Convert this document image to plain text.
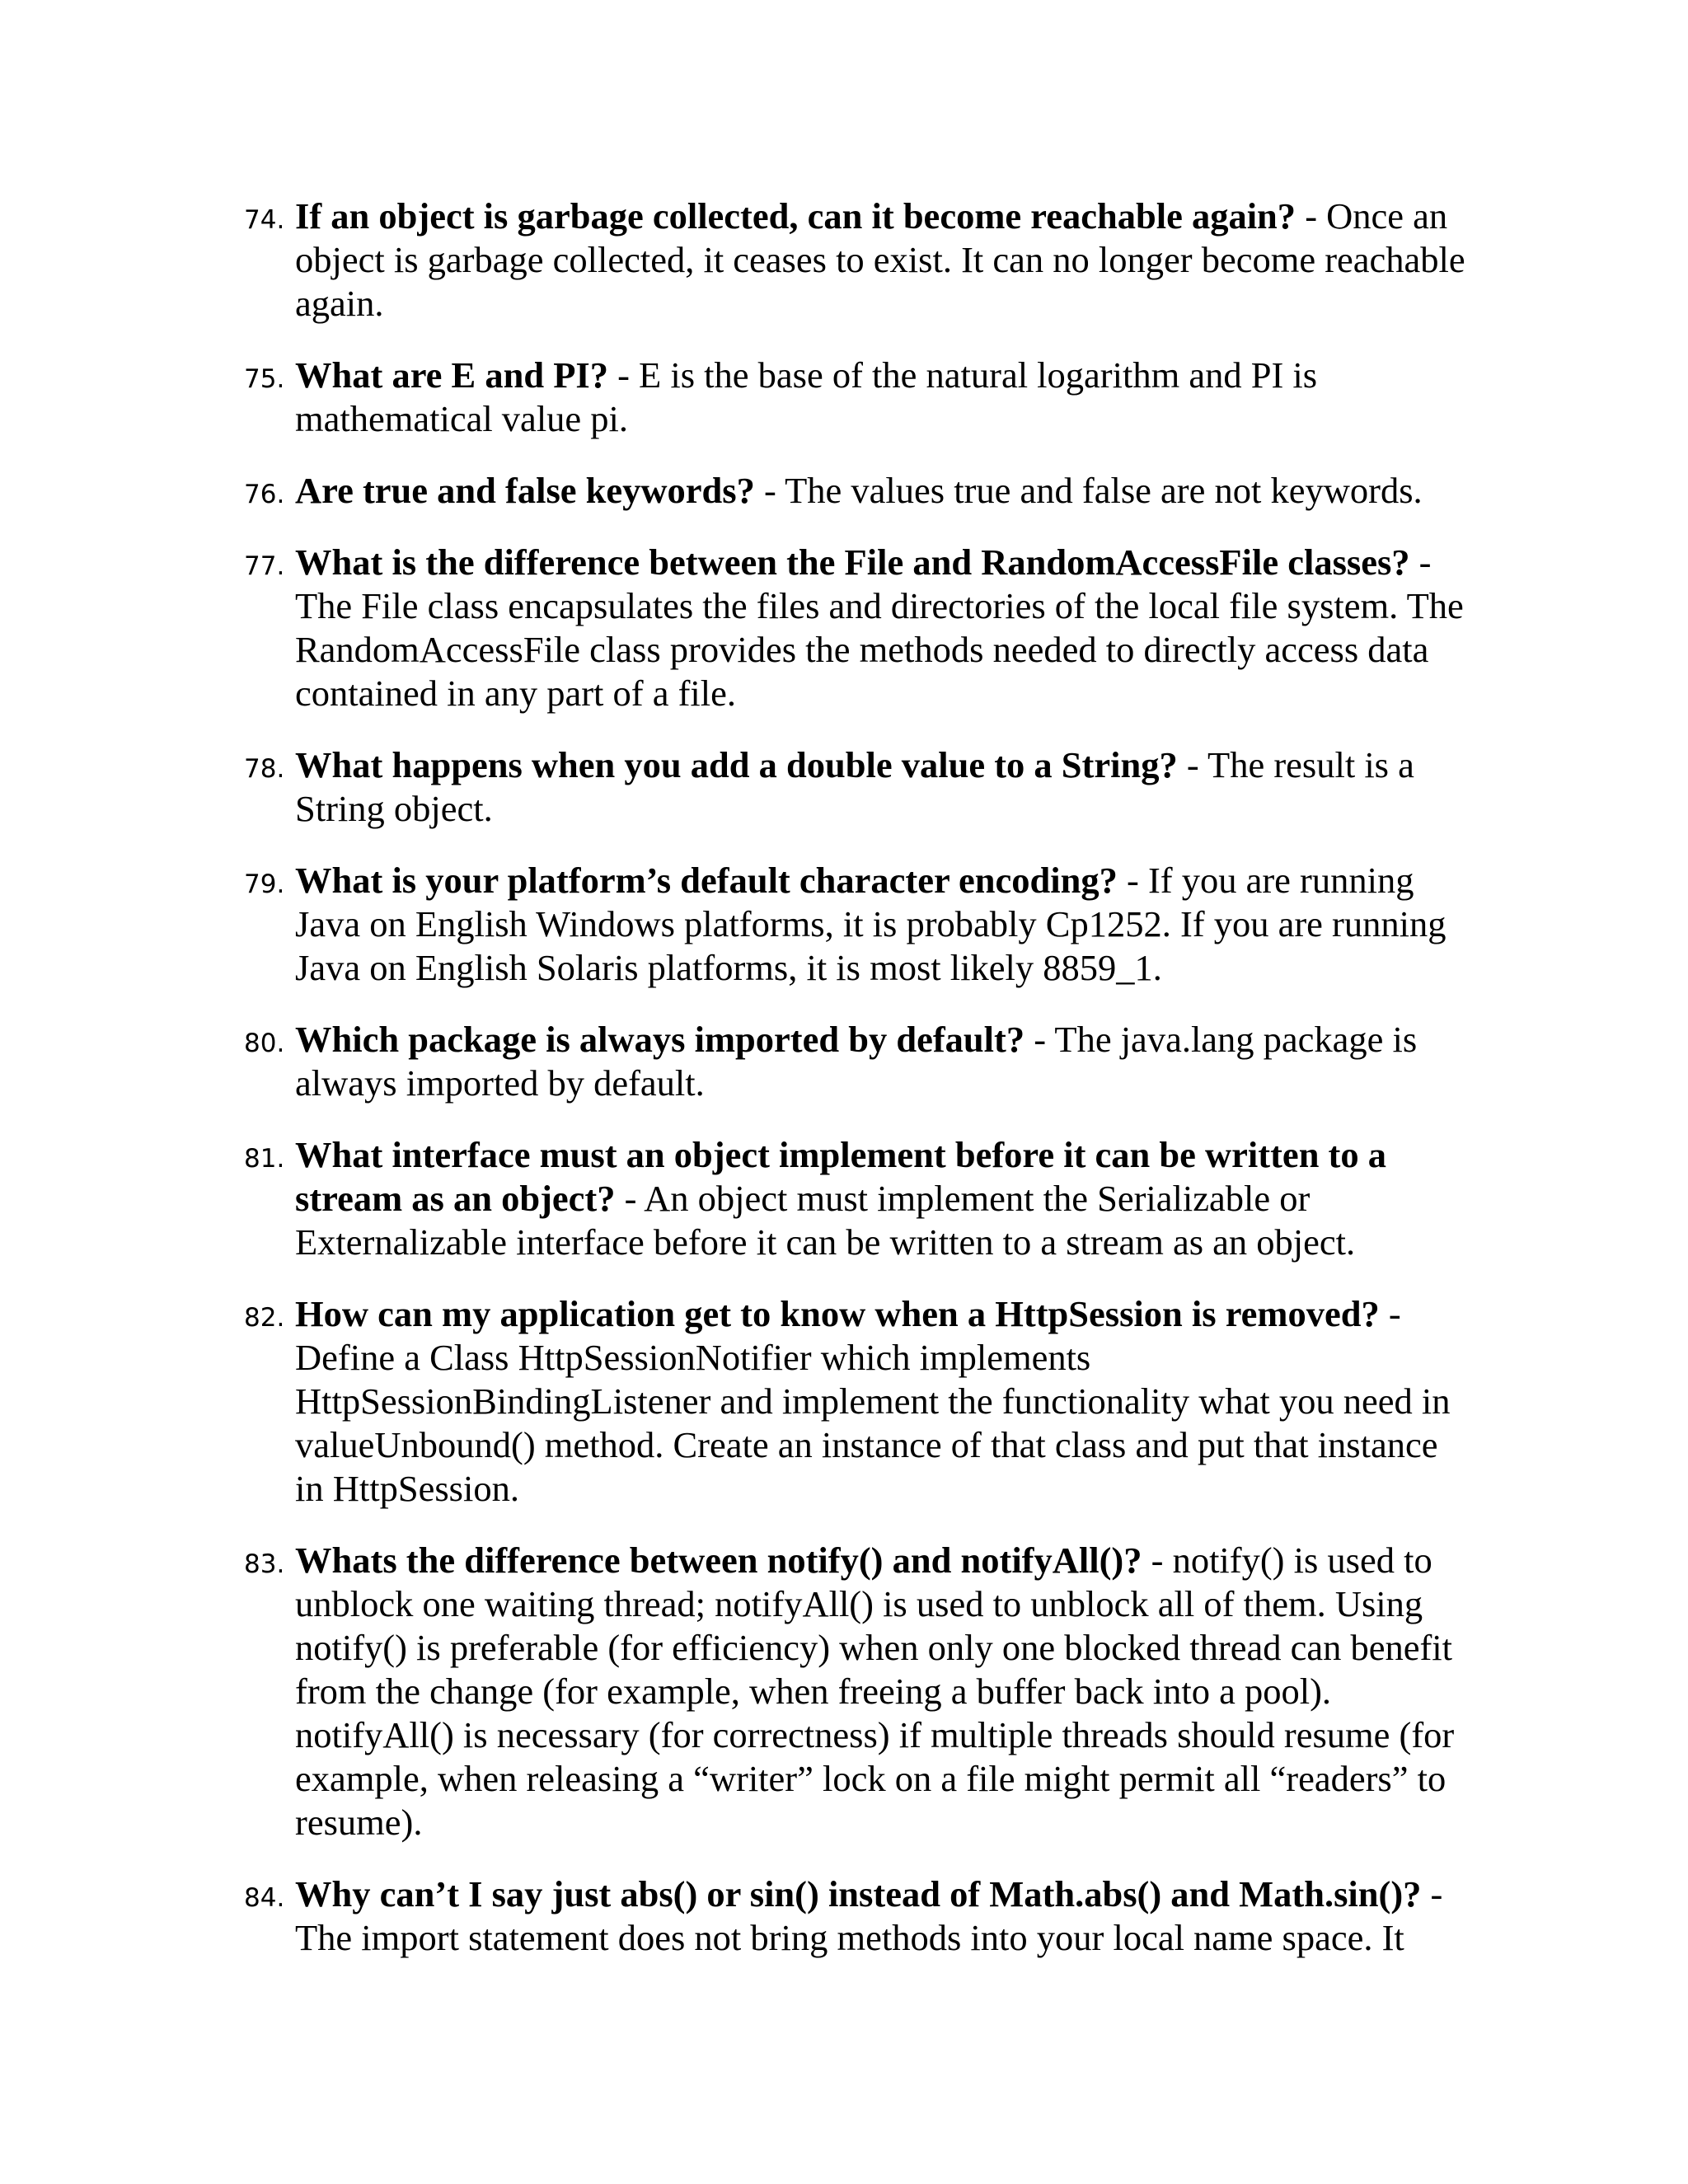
74. If an object is garbage collected, can it become reachable again? - Once an object is garbage collected, it ceases to exist. It can no longer become reachable again.
75. What are E and PI? - E is the base of the natural logarithm and PI is mathematical value pi.
76. Are true and false keywords? - The values true and false are not keywords.
77. What is the difference between the File and RandomAccessFile classes? - The File class encapsulates the files and directories of the local file system. The RandomAccessFile class provides the methods needed to directly access data contained in any part of a file.
78. What happens when you add a double value to a String? - The result is a String object.
79. What is your platform’s default character encoding? - If you are running Java on English Windows platforms, it is probably Cp1252. If you are running Java on English Solaris platforms, it is most likely 8859_1.
80. Which package is always imported by default? - The java.lang package is always imported by default.
81. What interface must an object implement before it can be written to a stream as an object? - An object must implement the Serializable or Externalizable interface before it can be written to a stream as an object.
82. How can my application get to know when a HttpSession is removed? - Define a Class HttpSessionNotifier which implements HttpSessionBindingListener and implement the functionality what you need in valueUnbound() method. Create an instance of that class and put that instance in HttpSession.
83. Whats the difference between notify() and notifyAll()? - notify() is used to unblock one waiting thread; notifyAll() is used to unblock all of them. Using notify() is preferable (for efficiency) when only one blocked thread can benefit from the change (for example, when freeing a buffer back into a pool). notifyAll() is necessary (for correctness) if multiple threads should resume (for example, when releasing a “writer” lock on a file might permit all “readers” to resume).
84. Why can’t I say just abs() or sin() instead of Math.abs() and Math.sin()? - The import statement does not bring methods into your local name space. It
